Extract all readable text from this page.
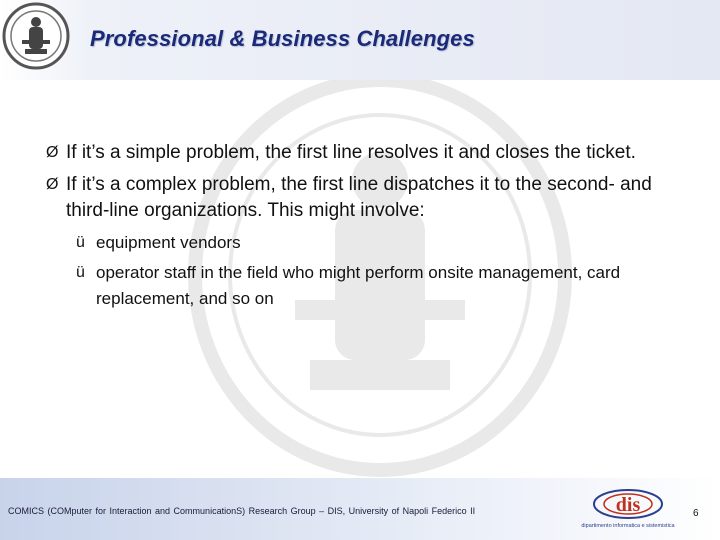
Professional & Business Challenges
Ø If it’s a simple problem, the first line resolves it and closes the ticket.
Ø If it’s a complex problem, the first line dispatches it to the second- and third-line organizations. This might involve:
ü equipment vendors
ü operator staff in the field who might perform onsite management, card replacement, and so on
COMICS (COMputer for Interaction and CommunicationS) Research Group – DIS, University of Napoli Federico II	dis
dipartimento informatica e sistemistica
6
